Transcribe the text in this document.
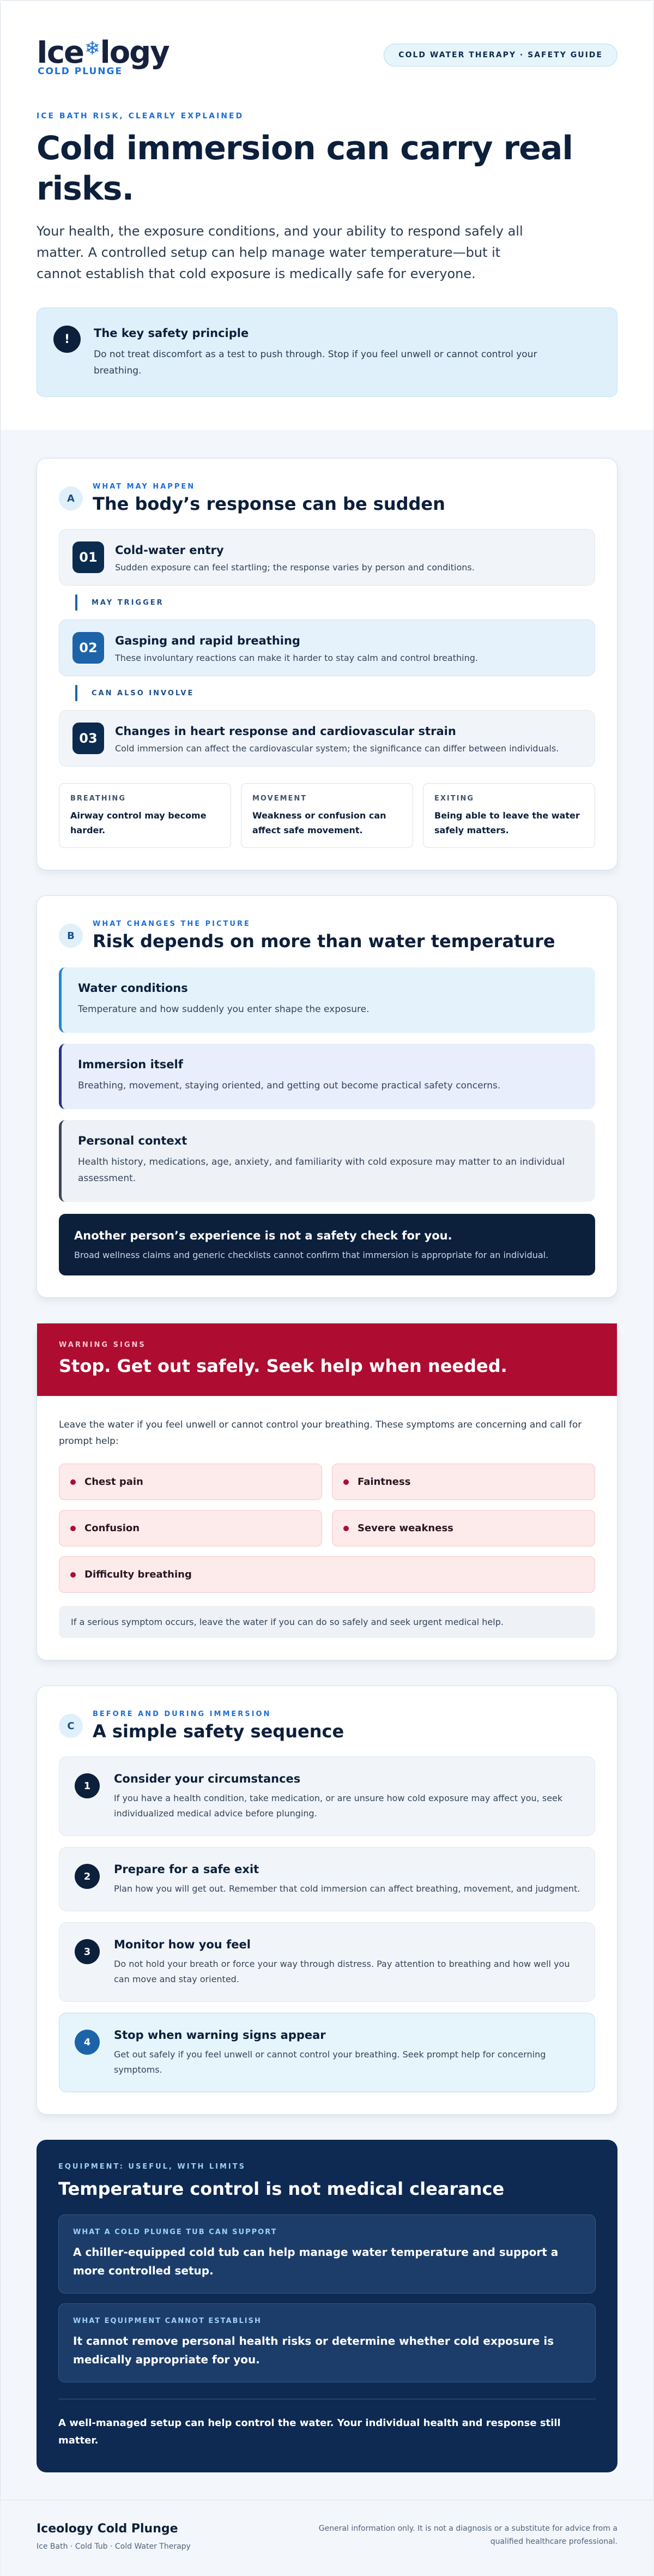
Ice ❄ logy
COLD PLUNGE
COLD WATER THERAPY · SAFETY GUIDE
ICE BATH RISK, CLEARLY EXPLAINED
Cold immersion can carry real risks.

Your health, the exposure conditions, and your ability to respond safely all matter. A controlled setup can help manage water temperature—but it cannot establish that cold exposure is medically safe for everyone.

!	The key safety principle

Do not treat discomfort as a test to push through. Stop if you feel unwell or cannot control your breathing.

A
WHAT MAY HAPPEN
The body’s response can be sudden
01	Cold-water entry

Sudden exposure can feel startling; the response varies by person and conditions.

MAY TRIGGER
02	Gasping and rapid breathing

These involuntary reactions can make it harder to stay calm and control breathing.

CAN ALSO INVOLVE
03	Changes in heart response and cardiovascular strain

Cold immersion can affect the cardiovascular system; the significance can differ between individuals.

BREATHING
Airway control may become harder.
MOVEMENT
Weakness or confusion can affect safe movement.
EXITING
Being able to leave the water safely matters.
B
WHAT CHANGES THE PICTURE
Risk depends on more than water temperature
Water conditions

Temperature and how suddenly you enter shape the exposure.

Immersion itself

Breathing, movement, staying oriented, and getting out become practical safety concerns.

Personal context

Health history, medications, age, anxiety, and familiarity with cold exposure may matter to an individual assessment.

Another person’s experience is not a safety check for you.

Broad wellness claims and generic checklists cannot confirm that immersion is appropriate for an individual.

WARNING SIGNS
Stop. Get out safely. Seek help when needed.

Leave the water if you feel unwell or cannot control your breathing. These symptoms are concerning and call for prompt help:

Chest pain	Faintness
Confusion	Severe weakness
Difficulty breathing
If a serious symptom occurs, leave the water if you can do so safely and seek urgent medical help.
C
BEFORE AND DURING IMMERSION
A simple safety sequence
1
Consider your circumstances

If you have a health condition, take medication, or are unsure how cold exposure may affect you, seek individualized medical advice before plunging.

2
Prepare for a safe exit

Plan how you will get out. Remember that cold immersion can affect breathing, movement, and judgment.

3
Monitor how you feel

Do not hold your breath or force your way through distress. Pay attention to breathing and how well you can move and stay oriented.

4
Stop when warning signs appear

Get out safely if you feel unwell or cannot control your breathing. Seek prompt help for concerning symptoms.

EQUIPMENT: USEFUL, WITH LIMITS
Temperature control is not medical clearance
WHAT A COLD PLUNGE TUB CAN SUPPORT

A chiller-equipped cold tub can help manage water temperature and support a more controlled setup.

WHAT EQUIPMENT CANNOT ESTABLISH

It cannot remove personal health risks or determine whether cold exposure is medically appropriate for you.

A well-managed setup can help control the water. Your individual health and response still matter.

Iceology Cold Plunge
Ice Bath · Cold Tub · Cold Water Therapy
General information only. It is not a diagnosis or a substitute for advice from a qualified healthcare professional.
